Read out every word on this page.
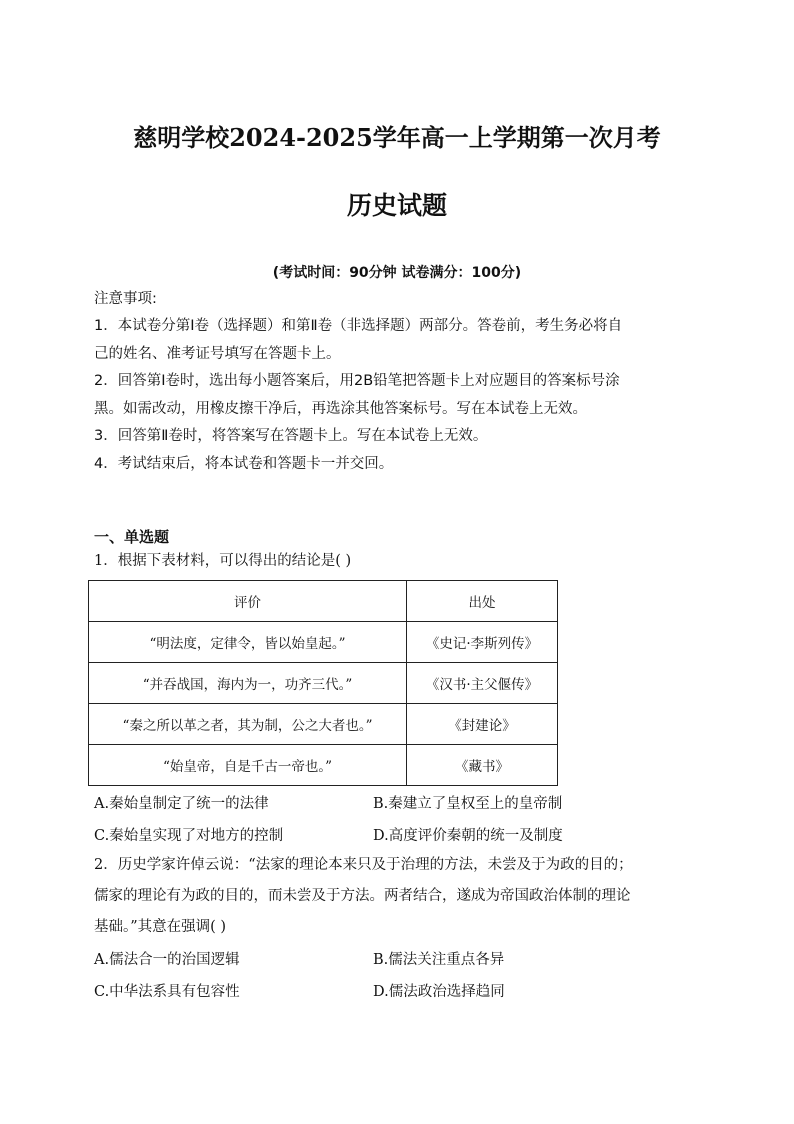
慈明学校2024-2025学年高一上学期第一次月考
历史试题
(考试时间：90分钟 试卷满分：100分)
注意事项:
1．本试卷分第Ⅰ卷（选择题）和第Ⅱ卷（非选择题）两部分。答卷前，考生务必将自
己的姓名、准考证号填写在答题卡上。
2．回答第Ⅰ卷时，选出每小题答案后，用2B铅笔把答题卡上对应题目的答案标号涂
黑。如需改动，用橡皮擦干净后，再选涂其他答案标号。写在本试卷上无效。
3．回答第Ⅱ卷时，将答案写在答题卡上。写在本试卷上无效。
4．考试结束后，将本试卷和答题卡一并交回。
一、单选题
1．根据下表材料，可以得出的结论是( )
评价	出处
“明法度，定律令，皆以始皇起。”	《史记·李斯列传》
“并吞战国，海内为一，功齐三代。”	《汉书·主父偃传》
“秦之所以革之者，其为制，公之大者也。”	《封建论》
“始皇帝，自是千古一帝也。”	《藏书》
A.秦始皇制定了统一的法律	B.秦建立了皇权至上的皇帝制
C.秦始皇实现了对地方的控制	D.高度评价秦朝的统一及制度
2．历史学家许倬云说：“法家的理论本来只及于治理的方法，未尝及于为政的目的；
儒家的理论有为政的目的，而未尝及于方法。两者结合，遂成为帝国政治体制的理论
基础。”其意在强调( )
A.儒法合一的治国逻辑	B.儒法关注重点各异
C.中华法系具有包容性	D.儒法政治选择趋同
